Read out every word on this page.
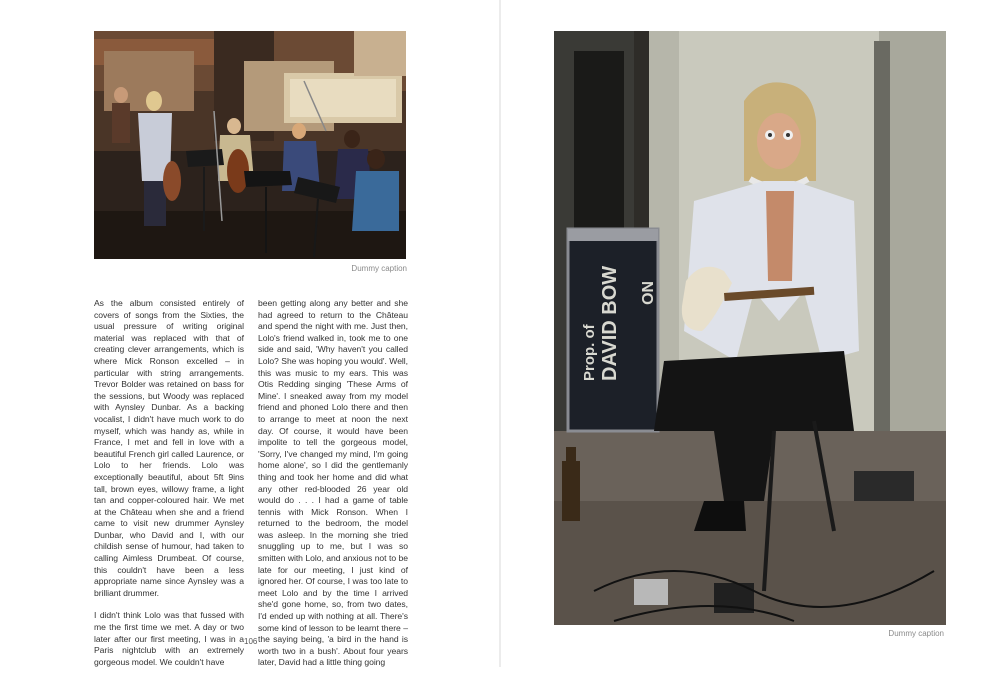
Dummy caption

As the album consisted entirely of covers of songs from the Sixties, the usual pressure of writing original material was replaced with that of creating clever arrangements, which is where Mick Ronson excelled – in particular with string arrangements. Trevor Bolder was retained on bass for the sessions, but Woody was replaced with Aynsley Dunbar. As a backing vocalist, I didn't have much work to do myself, which was handy as, while in France, I met and fell in love with a beautiful French girl called Laurence, or Lolo to her friends. Lolo was exceptionally beautiful, about 5ft 9ins tall, brown eyes, willowy frame, a light tan and copper-coloured hair. We met at the Château when she and a friend came to visit new drummer Aynsley Dunbar, who David and I, with our childish sense of humour, had taken to calling Aimless Drumbeat. Of course, this couldn't have been a less appropriate name since Aynsley was a brilliant drummer.

I didn't think Lolo was that fussed with me the first time we met. A day or two later after our first meeting, I was in a Paris nightclub with an extremely gorgeous model. We couldn't have

been getting along any better and she had agreed to return to the Château and spend the night with me. Just then, Lolo's friend walked in, took me to one side and said, 'Why haven't you called Lolo? She was hoping you would'. Well, this was music to my ears. This was Otis Redding singing 'These Arms of Mine'. I sneaked away from my model friend and phoned Lolo there and then to arrange to meet at noon the next day. Of course, it would have been impolite to tell the gorgeous model, 'Sorry, I've changed my mind, I'm going home alone', so I did the gentlemanly thing and took her home and did what any other red-blooded 26 year old would do . . . I had a game of table tennis with Mick Ronson. When I returned to the bedroom, the model was asleep. In the morning she tried snuggling up to me, but I was so smitten with Lolo, and anxious not to be late for our meeting, I just kind of ignored her. Of course, I was too late to meet Lolo and by the time I arrived she'd gone home, so, from two dates, I'd ended up with nothing at all. There's some kind of lesson to be learnt there – the saying being, 'a bird in the hand is worth two in a bush'. About four years later, David had a little thing going

106
Prop. of DAVID BOW NO
Dummy caption
